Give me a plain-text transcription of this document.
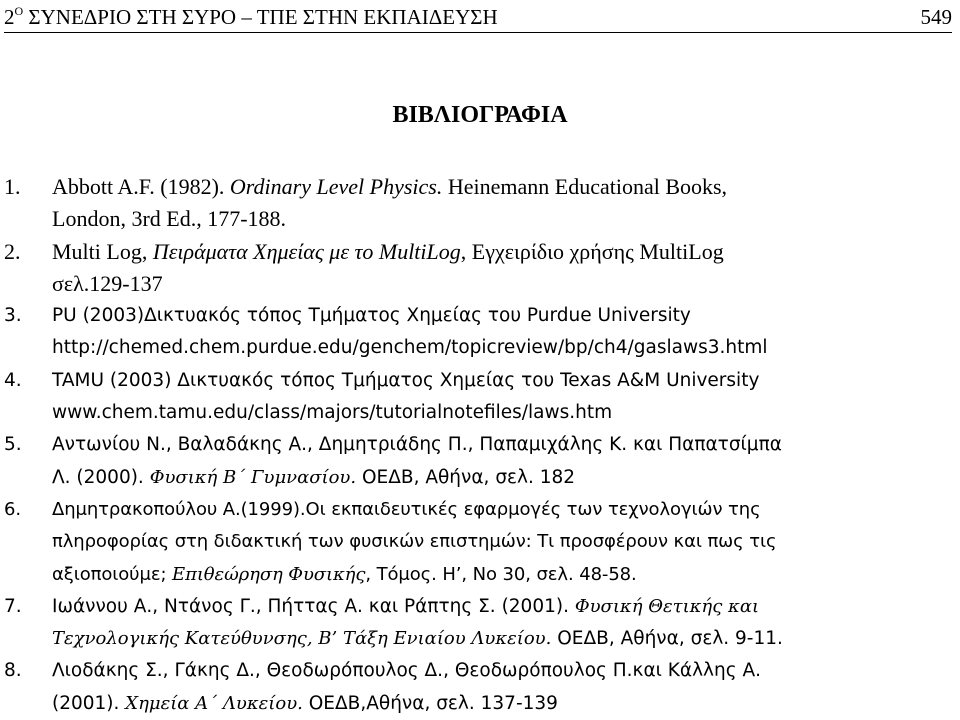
$2^O$ ΣΥΝΕΔΡΙΟ ΣΤΗ ΣΥΡΟ – ΤΠΕ ΣΤΗΝ ΕΚΠΑΙΔΕΥΣΗ	549
ΒΙΒΛΙΟΓΡΑΦΙΑ
1. Abbott A.F. (1982). Ordinary Level Physics. Heinemann Educational Books,
London, 3rd Ed., 177-188.
2. Multi Log, Πειράματα Χημείας με το MultiLog, Εγχειρίδιο χρήσης MultiLog
σελ.129-137
3. PU (2003)Δικτυακός τόπος Τμήματος Χημείας του Purdue University
http://chemed.chem.purdue.edu/genchem/topicreview/bp/ch4/gaslaws3.html
4. TAMU (2003) Δικτυακός τόπος Τμήματος Χημείας του Texas A&M University
www.chem.tamu.edu/class/majors/tutorialnotefiles/laws.htm
5. Αντωνίου Ν., Βαλαδάκης Α., Δημητριάδης Π., Παπαμιχάλης Κ. και Παπατσίμπα
Λ. (2000). Φυσική Β΄ Γυμνασίου. ΟΕΔΒ, Αθήνα, σελ. 182
6. Δημητρακοπούλου Α.(1999).Οι εκπαιδευτικές εφαρμογές των τεχνολογιών της
πληροφορίας στη διδακτική των φυσικών επιστημών: Τι προσφέρουν και πως τις
αξιοποιούμε; Επιθεώρηση Φυσικής, Τόμος. Η’, Νο 30, σελ. 48-58.
7. Ιωάννου Α., Ντάνος Γ., Πήττας Α. και Ράπτης Σ. (2001). Φυσική Θετικής και
Τεχνολογικής Κατεύθυνσης, Β’ Τάξη Ενιαίου Λυκείου. ΟΕΔΒ, Αθήνα, σελ. 9-11.
8. Λιοδάκης Σ., Γάκης Δ., Θεοδωρόπουλος Δ., Θεοδωρόπουλος Π.και Κάλλης Α.
(2001). Χημεία Α΄ Λυκείου. ΟΕΔΒ,Αθήνα, σελ. 137-139
